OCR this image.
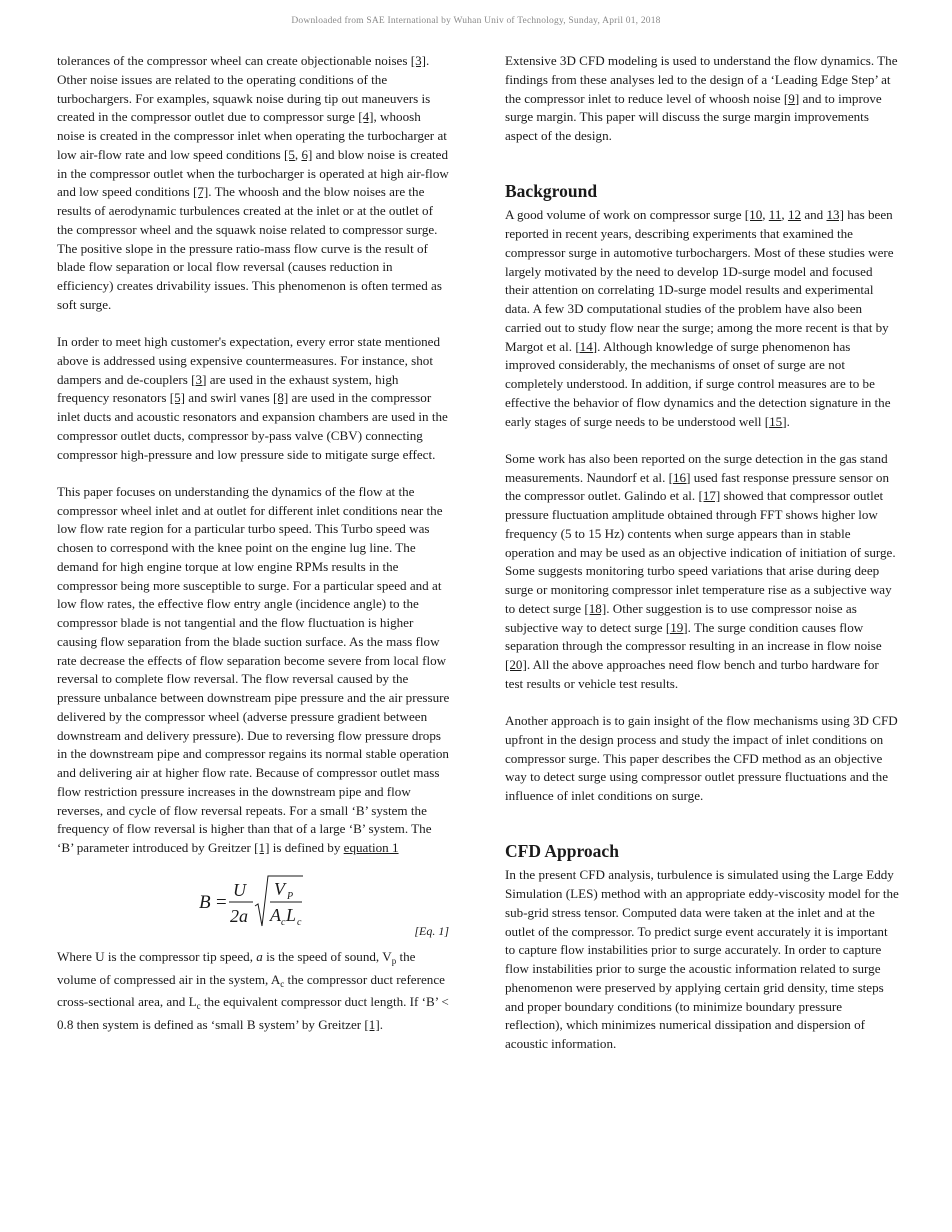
Downloaded from SAE International by Wuhan Univ of Technology, Sunday, April 01, 2018

tolerances of the compressor wheel can create objectionable noises [3]. Other noise issues are related to the operating conditions of the turbochargers. For examples, squawk noise during tip out maneuvers is created in the compressor outlet due to compressor surge [4], whoosh noise is created in the compressor inlet when operating the turbocharger at low air-flow rate and low speed conditions [5, 6] and blow noise is created in the compressor outlet when the turbocharger is operated at high air-flow and low speed conditions [7]. The whoosh and the blow noises are the results of aerodynamic turbulences created at the inlet or at the outlet of the compressor wheel and the squawk noise related to compressor surge. The positive slope in the pressure ratio-mass flow curve is the result of blade flow separation or local flow reversal (causes reduction in efficiency) creates drivability issues. This phenomenon is often termed as soft surge.

In order to meet high customer's expectation, every error state mentioned above is addressed using expensive countermeasures. For instance, shot dampers and de-couplers [3] are used in the exhaust system, high frequency resonators [5] and swirl vanes [8] are used in the compressor inlet ducts and acoustic resonators and expansion chambers are used in the compressor outlet ducts, compressor by-pass valve (CBV) connecting compressor high-pressure and low pressure side to mitigate surge effect.

This paper focuses on understanding the dynamics of the flow at the compressor wheel inlet and at outlet for different inlet conditions near the low flow rate region for a particular turbo speed. This Turbo speed was chosen to correspond with the knee point on the engine lug line. The demand for high engine torque at low engine RPMs results in the compressor being more susceptible to surge. For a particular speed and at low flow rates, the effective flow entry angle (incidence angle) to the compressor blade is not tangential and the flow fluctuation is higher causing flow separation from the blade suction surface. As the mass flow rate decrease the effects of flow separation become severe from local flow reversal to complete flow reversal. The flow reversal caused by the pressure unbalance between downstream pipe pressure and the air pressure delivered by the compressor wheel (adverse pressure gradient between downstream and delivery pressure). Due to reversing flow pressure drops in the downstream pipe and compressor regains its normal stable operation and delivering air at higher flow rate. Because of compressor outlet mass flow restriction pressure increases in the downstream pipe and flow reverses, and cycle of flow reversal repeats. For a small ‘B’ system the frequency of flow reversal is higher than that of a large ‘B’ system. The ‘B’ parameter introduced by Greitzer [1] is defined by equation 1

B =
U
2a
V P
A c L c
[Eq. 1]

Where U is the compressor tip speed, a is the speed of sound, $V_p$ the volume of compressed air in the system, $A_c$ the compressor duct reference cross-sectional area, and $L_c$ the equivalent compressor duct length. If ‘B’ < 0.8 then system is defined as ‘small B system’ by Greitzer [1].

Extensive 3D CFD modeling is used to understand the flow dynamics. The findings from these analyses led to the design of a ‘Leading Edge Step’ at the compressor inlet to reduce level of whoosh noise [9] and to improve surge margin. This paper will discuss the surge margin improvements aspect of the design.

Background

A good volume of work on compressor surge [10, 11, 12 and 13] has been reported in recent years, describing experiments that examined the compressor surge in automotive turbochargers. Most of these studies were largely motivated by the need to develop 1D-surge model and focused their attention on correlating 1D-surge model results and experimental data. A few 3D computational studies of the problem have also been carried out to study flow near the surge; among the more recent is that by Margot et al. [14]. Although knowledge of surge phenomenon has improved considerably, the mechanisms of onset of surge are not completely understood. In addition, if surge control measures are to be effective the behavior of flow dynamics and the detection signature in the early stages of surge needs to be understood well [15].

Some work has also been reported on the surge detection in the gas stand measurements. Naundorf et al. [16] used fast response pressure sensor on the compressor outlet. Galindo et al. [17] showed that compressor outlet pressure fluctuation amplitude obtained through FFT shows higher low frequency (5 to 15 Hz) contents when surge appears than in stable operation and may be used as an objective indication of initiation of surge. Some suggests monitoring turbo speed variations that arise during deep surge or monitoring compressor inlet temperature rise as a subjective way to detect surge [18]. Other suggestion is to use compressor noise as subjective way to detect surge [19]. The surge condition causes flow separation through the compressor resulting in an increase in flow noise [20]. All the above approaches need flow bench and turbo hardware for test results or vehicle test results.

Another approach is to gain insight of the flow mechanisms using 3D CFD upfront in the design process and study the impact of inlet conditions on compressor surge. This paper describes the CFD method as an objective way to detect surge using compressor outlet pressure fluctuations and the influence of inlet conditions on surge.

CFD Approach

In the present CFD analysis, turbulence is simulated using the Large Eddy Simulation (LES) method with an appropriate eddy-viscosity model for the sub-grid stress tensor. Computed data were taken at the inlet and at the outlet of the compressor. To predict surge event accurately it is important to capture flow instabilities prior to surge accurately. In order to capture flow instabilities prior to surge the acoustic information related to surge phenomenon were preserved by applying certain grid density, time steps and proper boundary conditions (to minimize boundary pressure reflection), which minimizes numerical dissipation and dispersion of acoustic information.
